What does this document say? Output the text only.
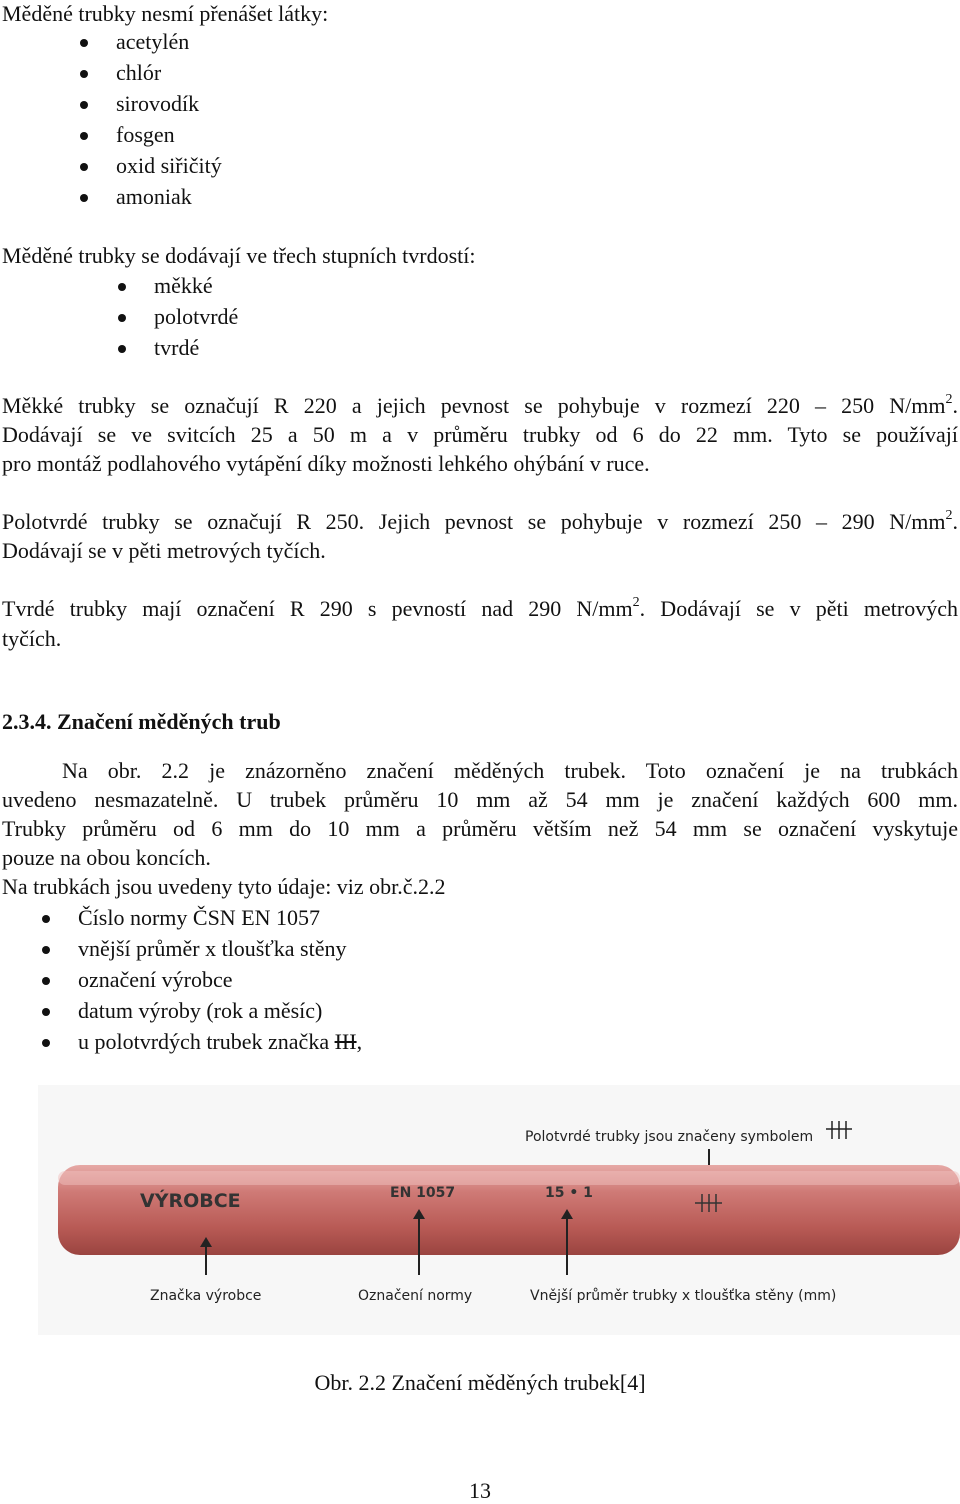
Měděné trubky nesmí přenášet látky:
acetylén
chlór
sirovodík
fosgen
oxid siřičitý
amoniak
Měděné trubky se dodávají ve třech stupních tvrdostí:
měkké
polotvrdé
tvrdé
Měkké trubky se označují R 220 a jejich pevnost se pohybuje v rozmezí 220 – 250 $N/mm^2$.
Dodávají se ve svitcích 25 a 50 m a v průměru trubky od 6 do 22 mm. Tyto se používají
pro montáž podlahového vytápění díky možnosti lehkého ohýbání v ruce.
Polotvrdé trubky se označují R 250. Jejich pevnost se pohybuje v rozmezí 250 – 290 $N/mm^2$.
Dodávají se v pěti metrových tyčích.
Tvrdé trubky mají označení R 290 s pevností nad 290 $N/mm^2$. Dodávají se v pěti metrových
tyčích.
2.3.4. Značení měděných trub
Na obr. 2.2 je znázorněno značení měděných trubek. Toto označení je na trubkách
uvedeno nesmazatelně. U trubek průměru 10 mm až 54 mm je značení každých 600 mm.
Trubky průměru od 6 mm do 10 mm a průměru větším než 54 mm se označení vyskytuje
pouze na obou koncích.
Na trubkách jsou uvedeny tyto údaje: viz obr.č.2.2
Číslo normy ČSN EN 1057
vnější průměr x tloušťka stěny
označení výrobce
datum výroby (rok a měsíc)
u polotvrdých trubek značka III,
Polotvrdé trubky jsou značeny symbolem
VÝROBCE	EN 1057	15 • 1
Značka výrobce	Označení normy	Vnější průměr trubky x tloušťka stěny (mm)
Obr. 2.2 Značení měděných trubek[4]
13
